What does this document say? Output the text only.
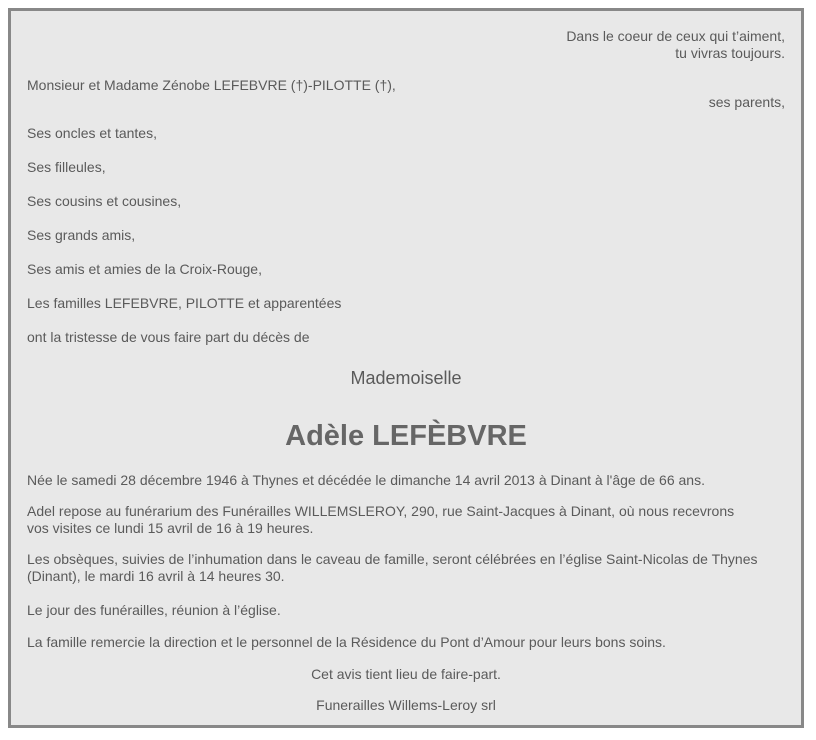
Dans le coeur de ceux qui t’aiment,

tu vivras toujours.

Monsieur et Madame Zénobe LEFEBVRE (†)-PILOTTE (†),

ses parents,

Ses oncles et tantes,

Ses filleules,

Ses cousins et cousines,

Ses grands amis,

Ses amis et amies de la Croix-Rouge,

Les familles LEFEBVRE, PILOTTE et apparentées

ont la tristesse de vous faire part du décès de

Mademoiselle

Adèle LEFÈBVRE

Née le samedi 28 décembre 1946 à Thynes et décédée le dimanche 14 avril 2013 à Dinant à l'âge de 66 ans.

Adel repose au funérarium des Funérailles WILLEMSLEROY, 290, rue Saint-Jacques à Dinant, où nous recevrons

vos visites ce lundi 15 avril de 16 à 19 heures.

Les obsèques, suivies de l’inhumation dans le caveau de famille, seront célébrées en l’église Saint-Nicolas de Thynes

(Dinant), le mardi 16 avril à 14 heures 30.

Le jour des funérailles, réunion à l’église.

La famille remercie la direction et le personnel de la Résidence du Pont d’Amour pour leurs bons soins.

Cet avis tient lieu de faire-part.

Funerailles Willems-Leroy srl
